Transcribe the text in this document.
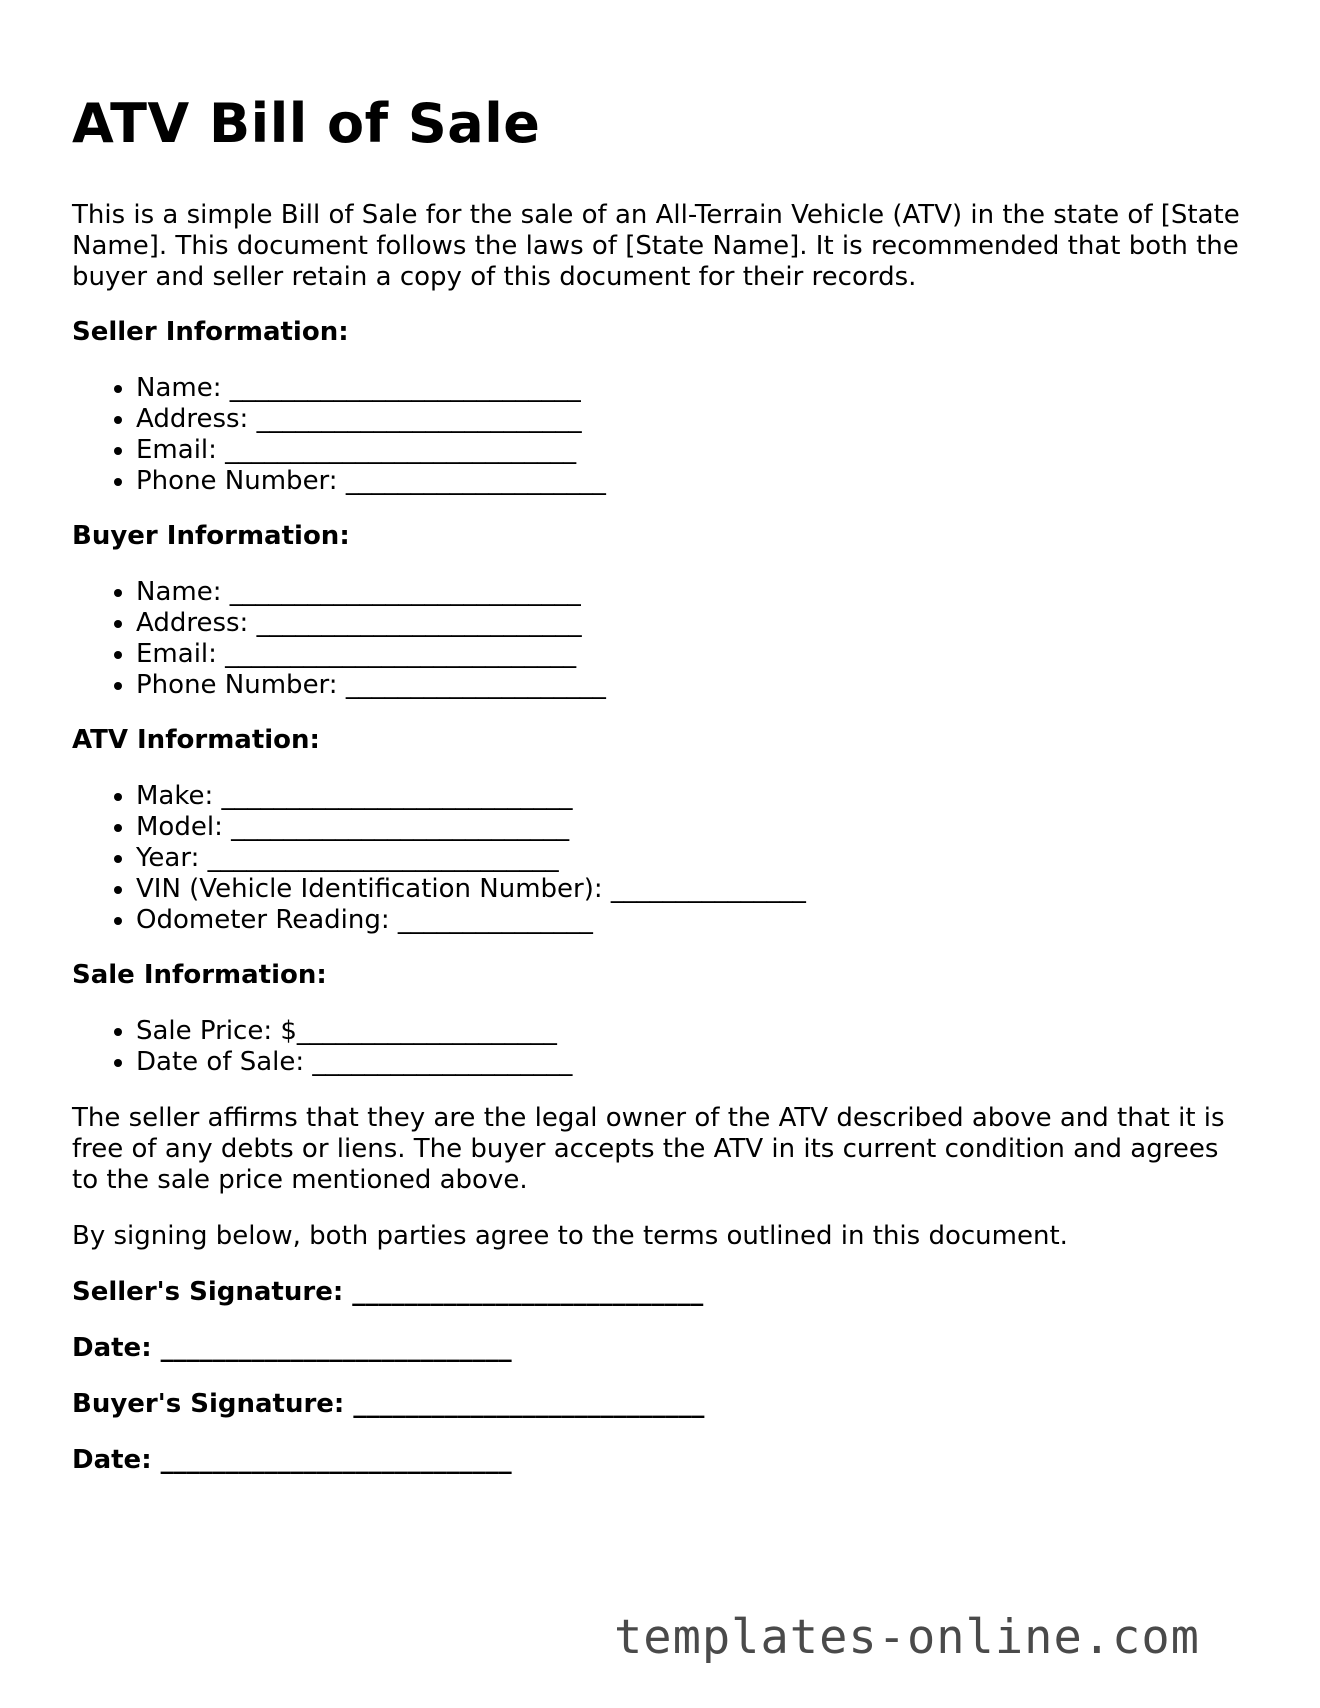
ATV Bill of Sale

This is a simple Bill of Sale for the sale of an All-Terrain Vehicle (ATV) in the state of [State Name]. This document follows the laws of [State Name]. It is recommended that both the buyer and seller retain a copy of this document for their records.

Seller Information:

• Name: ___________________________
• Address: _________________________
• Email: ___________________________
• Phone Number: ____________________

Buyer Information:

• Name: ___________________________
• Address: _________________________
• Email: ___________________________
• Phone Number: ____________________

ATV Information:

• Make: ___________________________
• Model: __________________________
• Year: ___________________________
• VIN (Vehicle Identification Number): _______________
• Odometer Reading: _______________

Sale Information:

• Sale Price: $____________________
• Date of Sale: ____________________

The seller affirms that they are the legal owner of the ATV described above and that it is free of any debts or liens. The buyer accepts the ATV in its current condition and agrees to the sale price mentioned above.

By signing below, both parties agree to the terms outlined in this document.

Seller's Signature: ___________________________

Date: ___________________________

Buyer's Signature: ___________________________

Date: ___________________________

templates-online.com
